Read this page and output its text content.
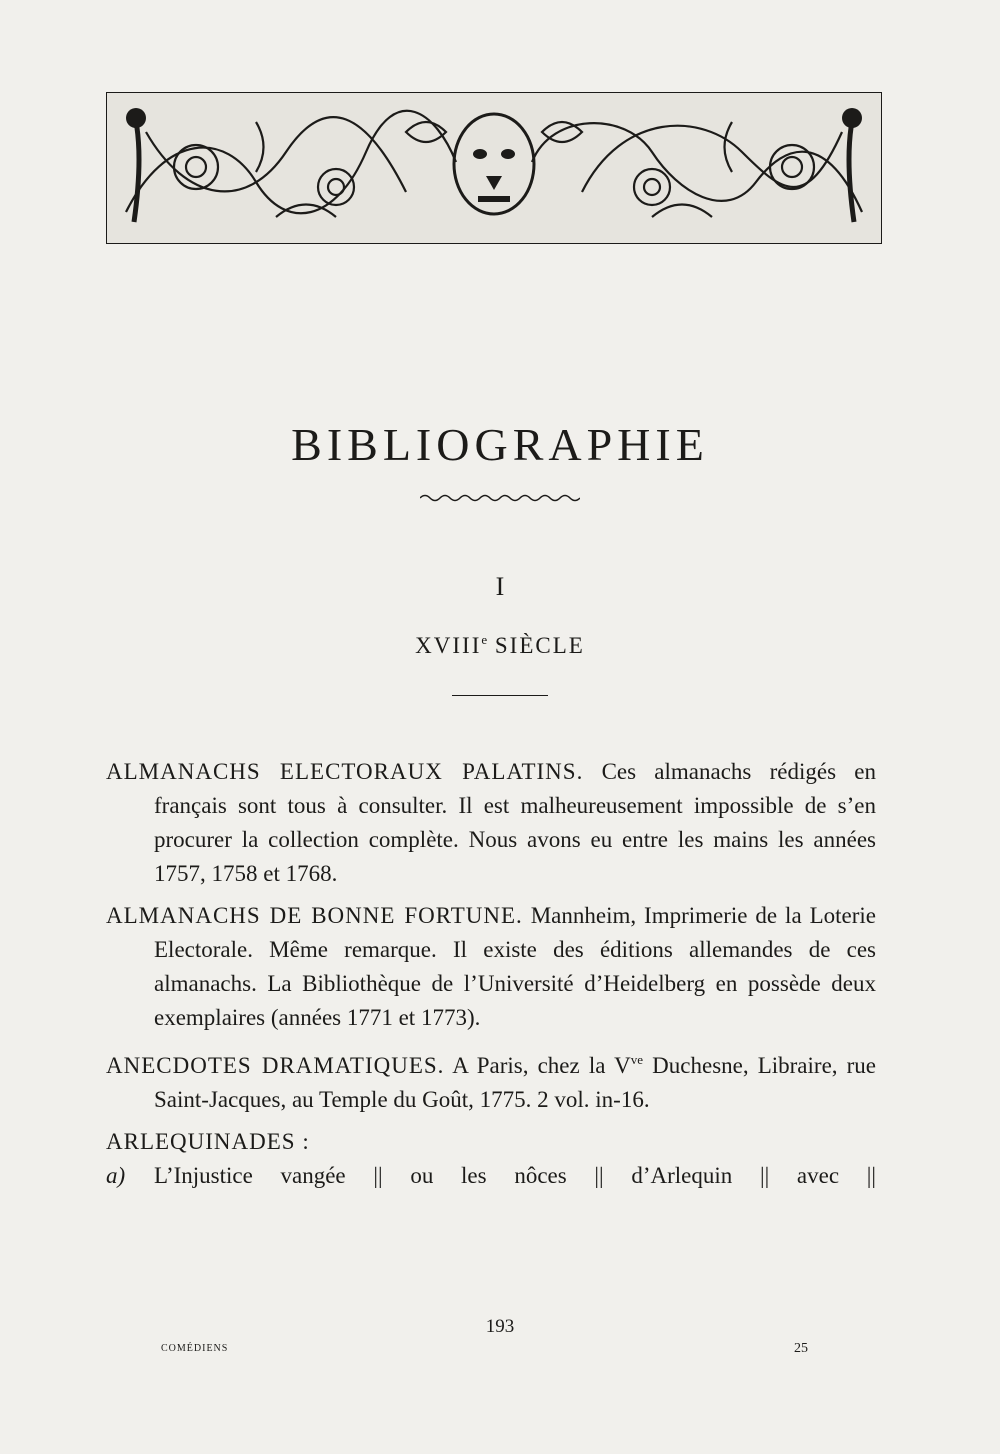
BIBLIOGRAPHIE
I
XVIIIe SIÈCLE

ALMANACHS ELECTORAUX PALATINS. Ces almanachs rédigés en français sont tous à consulter. Il est malheureusement impossible de s’en procurer la collection complète. Nous avons eu entre les mains les années 1757, 1758 et 1768.

ALMANACHS DE BONNE FORTUNE. Mannheim, Imprimerie de la Loterie Electorale. Même remarque. Il existe des éditions allemandes de ces almanachs. La Bibliothèque de l’Université d’Heidelberg en possède deux exemplaires (années 1771 et 1773).

ANECDOTES DRAMATIQUES. A Paris, chez la $V^{ve}$ Duchesne, Libraire, rue Saint-Jacques, au Temple du Goût, 1775. 2 vol. in-16.

ARLEQUINADES :
a)	L’Injustice vangée || ou les nôces || d’Arlequin || avec ||
193
COMÉDIENS	25
